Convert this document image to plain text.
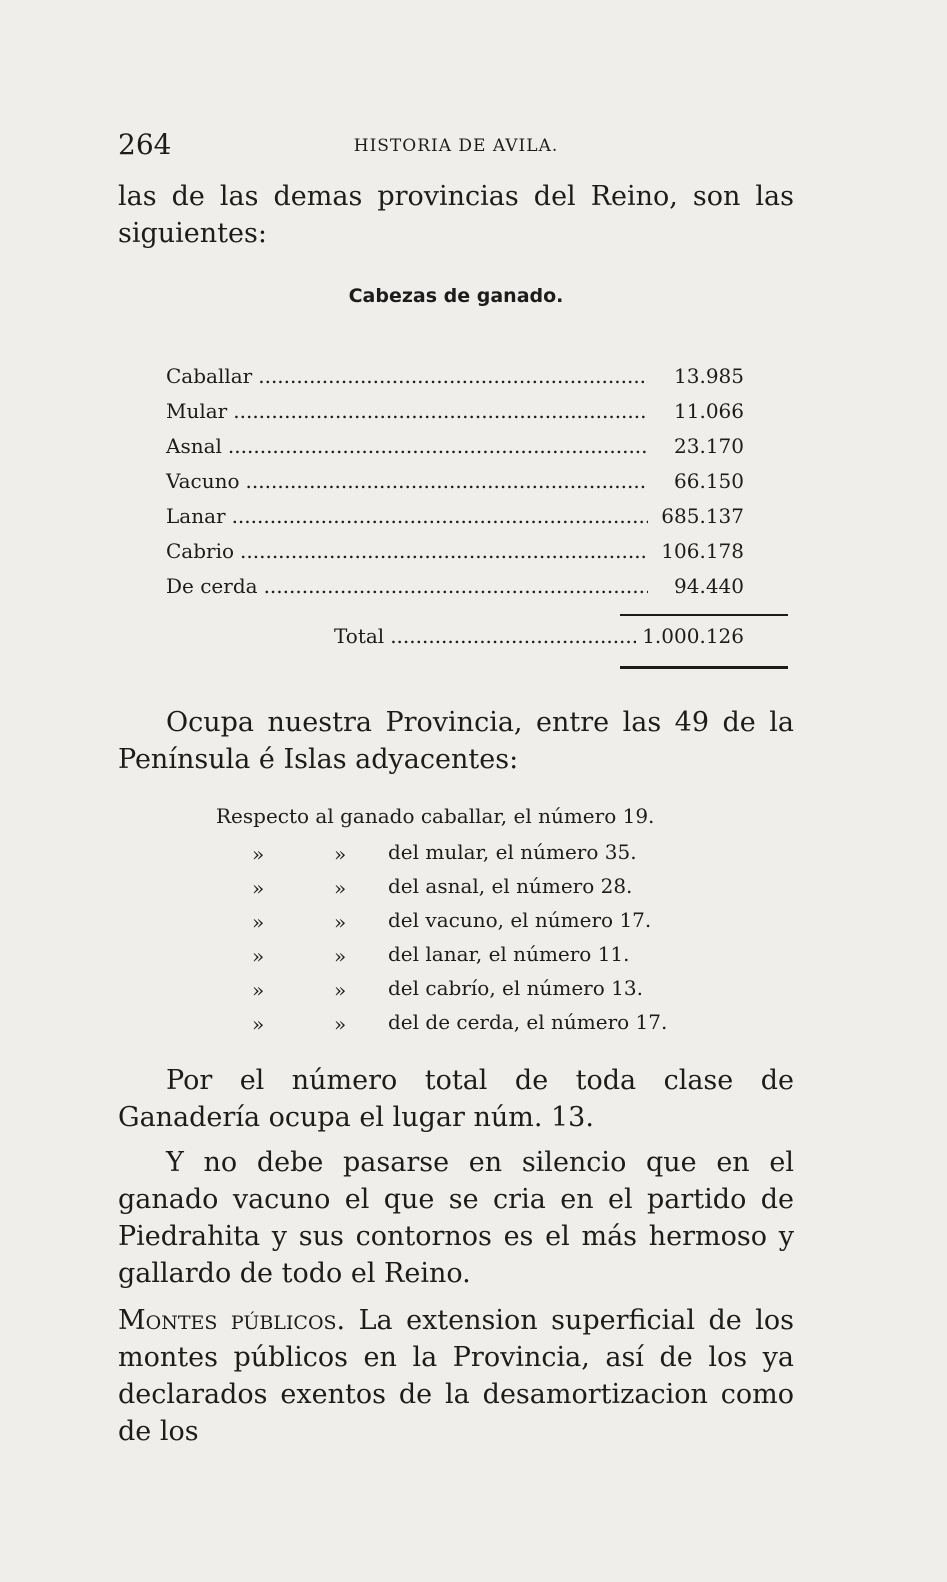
264	HISTORIA DE AVILA.
las de las demas provincias del Reino, son las siguientes:
Cabezas de ganado.
Caballar .....	13.985
Mular .....	11.066
Asnal .....	23.170
Vacuno .....	66.150
Lanar .....	685.137
Cabrio .....	106.178
De cerda .....	94.440
Total .....	1.000.126
Ocupa nuestra Provincia, entre las 49 de la Península é Islas adyacentes:
Respecto al ganado caballar, el número 19.
»	» del mular, el número 35.
»	» del asnal, el número 28.
»	» del vacuno, el número 17.
»	» del lanar, el número 11.
»	» del cabrío, el número 13.
»	» del de cerda, el número 17.
Por el número total de toda clase de Ganadería ocupa el lugar núm. 13.
Y no debe pasarse en silencio que en el ganado vacuno el que se cria en el partido de Piedrahita y sus contornos es el más hermoso y gallardo de todo el Reino.
Montes públicos. La extension superficial de los montes públicos en la Provincia, así de los ya declarados exentos de la desamortizacion como de los
